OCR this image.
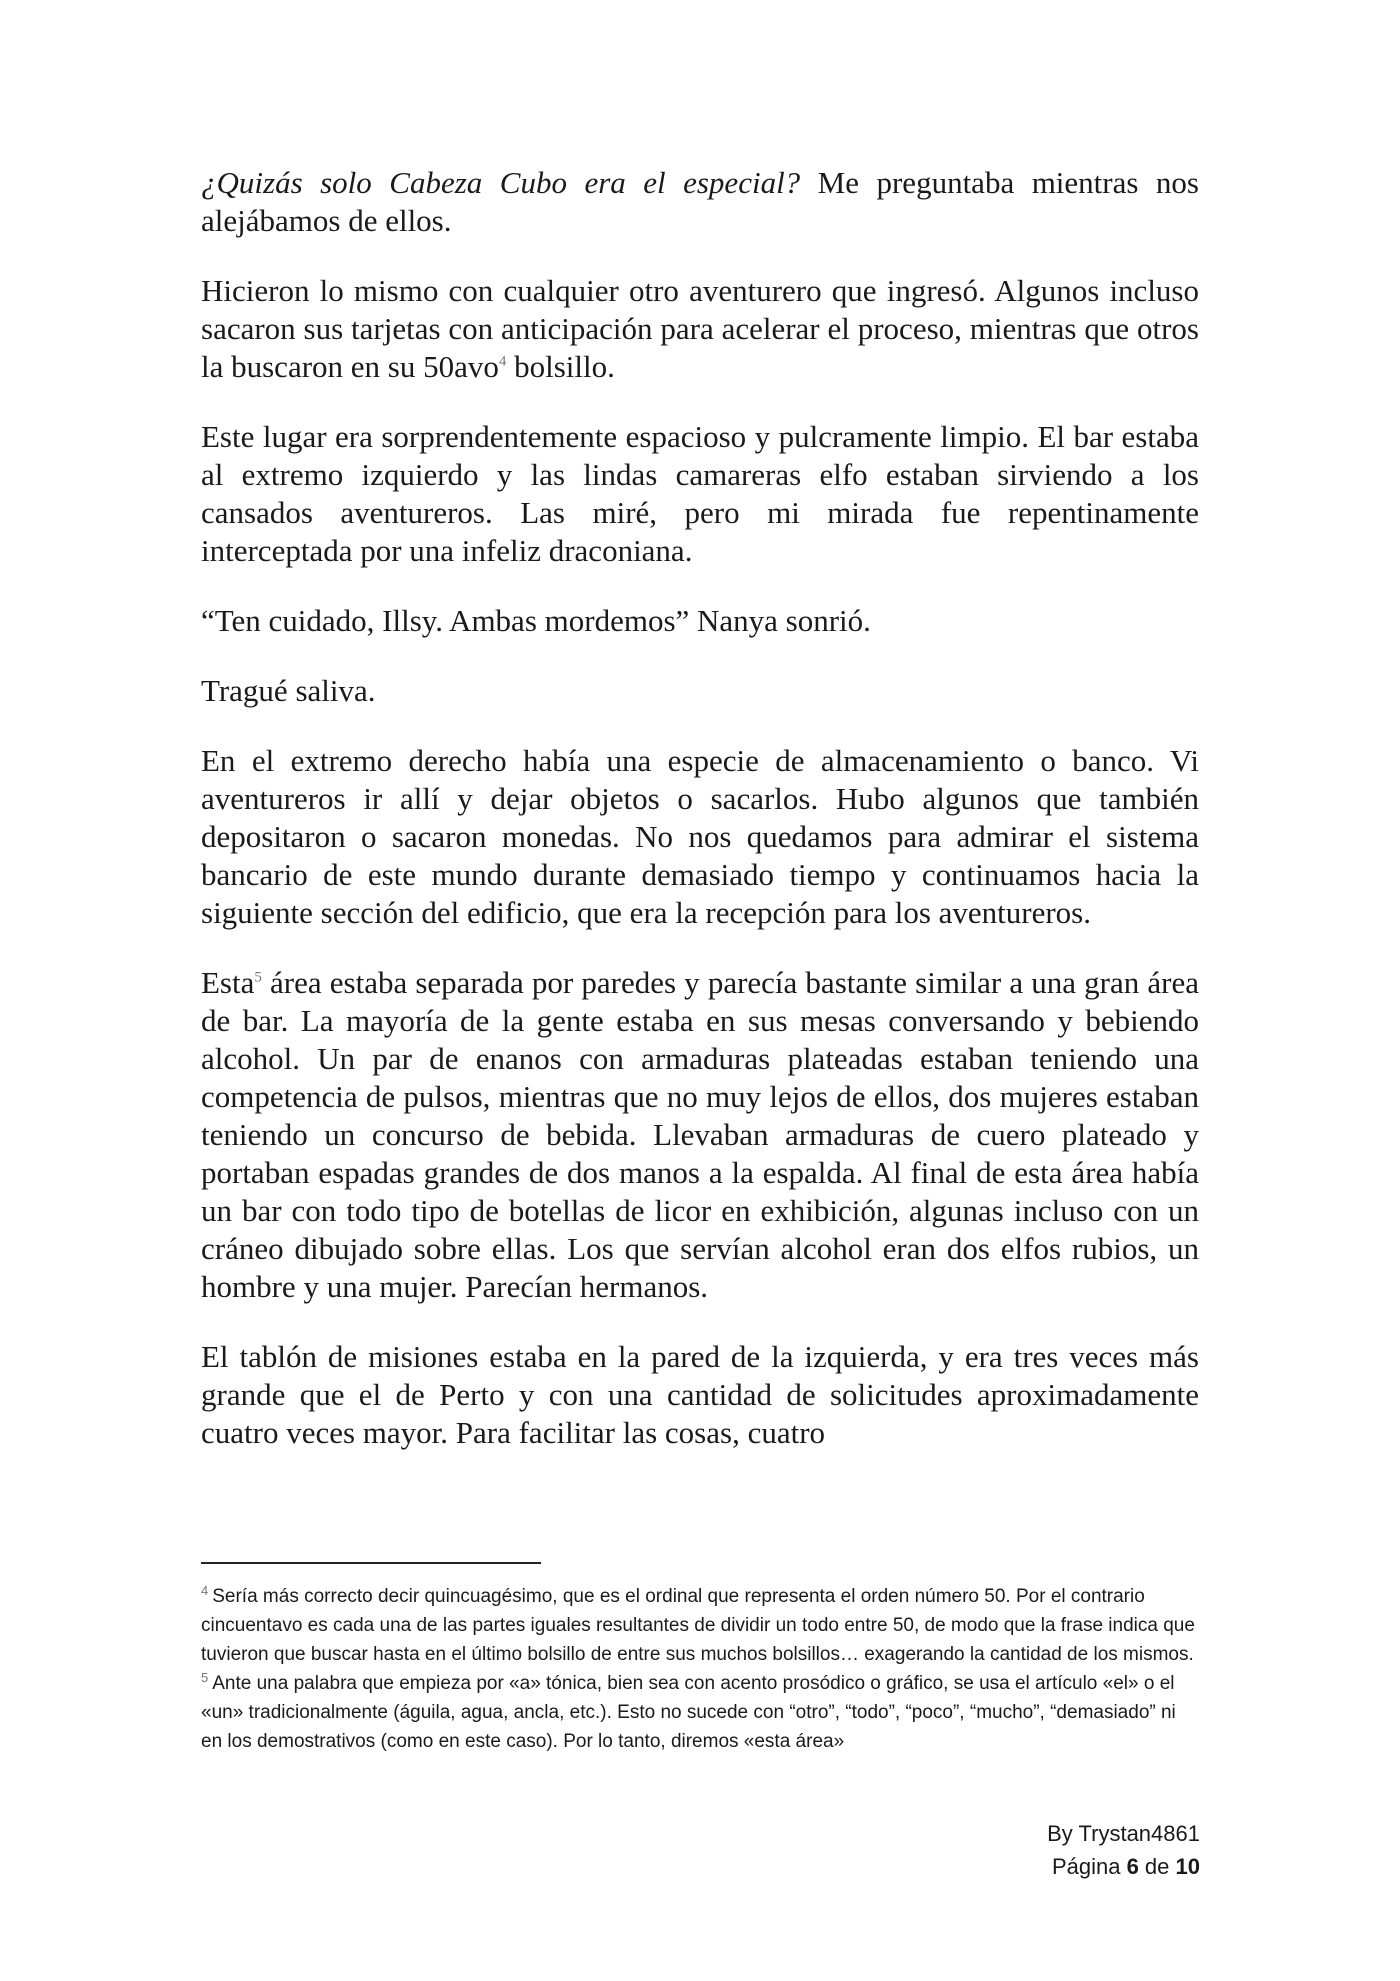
¿Quizás solo Cabeza Cubo era el especial? Me preguntaba mientras nos alejábamos de ellos.

Hicieron lo mismo con cualquier otro aventurero que ingresó. Algunos incluso sacaron sus tarjetas con anticipación para acelerar el proceso, mientras que otros la buscaron en su 50avo$^4$ bolsillo.

Este lugar era sorprendentemente espacioso y pulcramente limpio. El bar estaba al extremo izquierdo y las lindas camareras elfo estaban sirviendo a los cansados aventureros. Las miré, pero mi mirada fue repentinamente interceptada por una infeliz draconiana.

“Ten cuidado, Illsy. Ambas mordemos” Nanya sonrió.

Tragué saliva.

En el extremo derecho había una especie de almacenamiento o banco. Vi aventureros ir allí y dejar objetos o sacarlos. Hubo algunos que también depositaron o sacaron monedas. No nos quedamos para admirar el sistema bancario de este mundo durante demasiado tiempo y continuamos hacia la siguiente sección del edificio, que era la recepción para los aventureros.

Esta$^5$ área estaba separada por paredes y parecía bastante similar a una gran área de bar. La mayoría de la gente estaba en sus mesas conversando y bebiendo alcohol. Un par de enanos con armaduras plateadas estaban teniendo una competencia de pulsos, mientras que no muy lejos de ellos, dos mujeres estaban teniendo un concurso de bebida. Llevaban armaduras de cuero plateado y portaban espadas grandes de dos manos a la espalda. Al final de esta área había un bar con todo tipo de botellas de licor en exhibición, algunas incluso con un cráneo dibujado sobre ellas. Los que servían alcohol eran dos elfos rubios, un hombre y una mujer. Parecían hermanos.

El tablón de misiones estaba en la pared de la izquierda, y era tres veces más grande que el de Perto y con una cantidad de solicitudes aproximadamente cuatro veces mayor. Para facilitar las cosas, cuatro

$^4$ Sería más correcto decir quincuagésimo, que es el ordinal que representa el orden número 50. Por el contrario cincuentavo es cada una de las partes iguales resultantes de dividir un todo entre 50, de modo que la frase indica que tuvieron que buscar hasta en el último bolsillo de entre sus muchos bolsillos… exagerando la cantidad de los mismos.

$^5$ Ante una palabra que empieza por «a» tónica, bien sea con acento prosódico o gráfico, se usa el artículo «el» o el «un» tradicionalmente (águila, agua, ancla, etc.). Esto no sucede con “otro”, “todo”, “poco”, “mucho”, “demasiado” ni en los demostrativos (como en este caso). Por lo tanto, diremos «esta área»

By Trystan4861
Página 6 de 10
